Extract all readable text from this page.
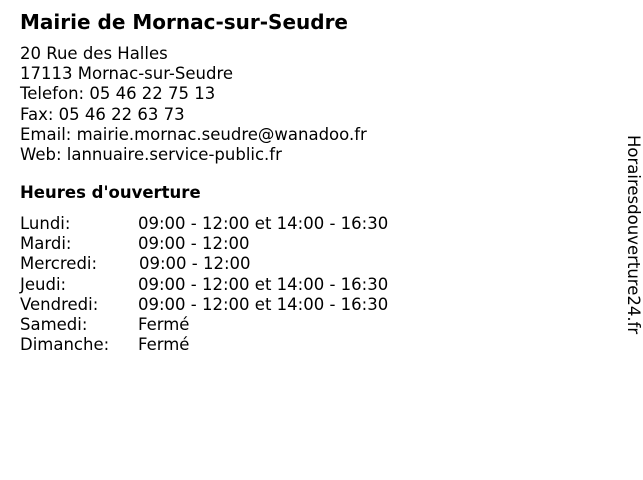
Mairie de Mornac-sur-Seudre
20 Rue des Halles
17113 Mornac-sur-Seudre
Telefon: 05 46 22 75 13
Fax: 05 46 22 63 73
Email: mairie.mornac.seudre@wanadoo.fr
Web: lannuaire.service-public.fr
Heures d'ouverture
Lundi:	09:00 - 12:00 et 14:00 - 16:30
Mardi:	09:00 - 12:00
Mercredi:	09:00 - 12:00
Jeudi:	09:00 - 12:00 et 14:00 - 16:30
Vendredi: 09:00 - 12:00 et 14:00 - 16:30
Samedi:	Fermé
Dimanche: Fermé
Horairesdouverture24.fr
